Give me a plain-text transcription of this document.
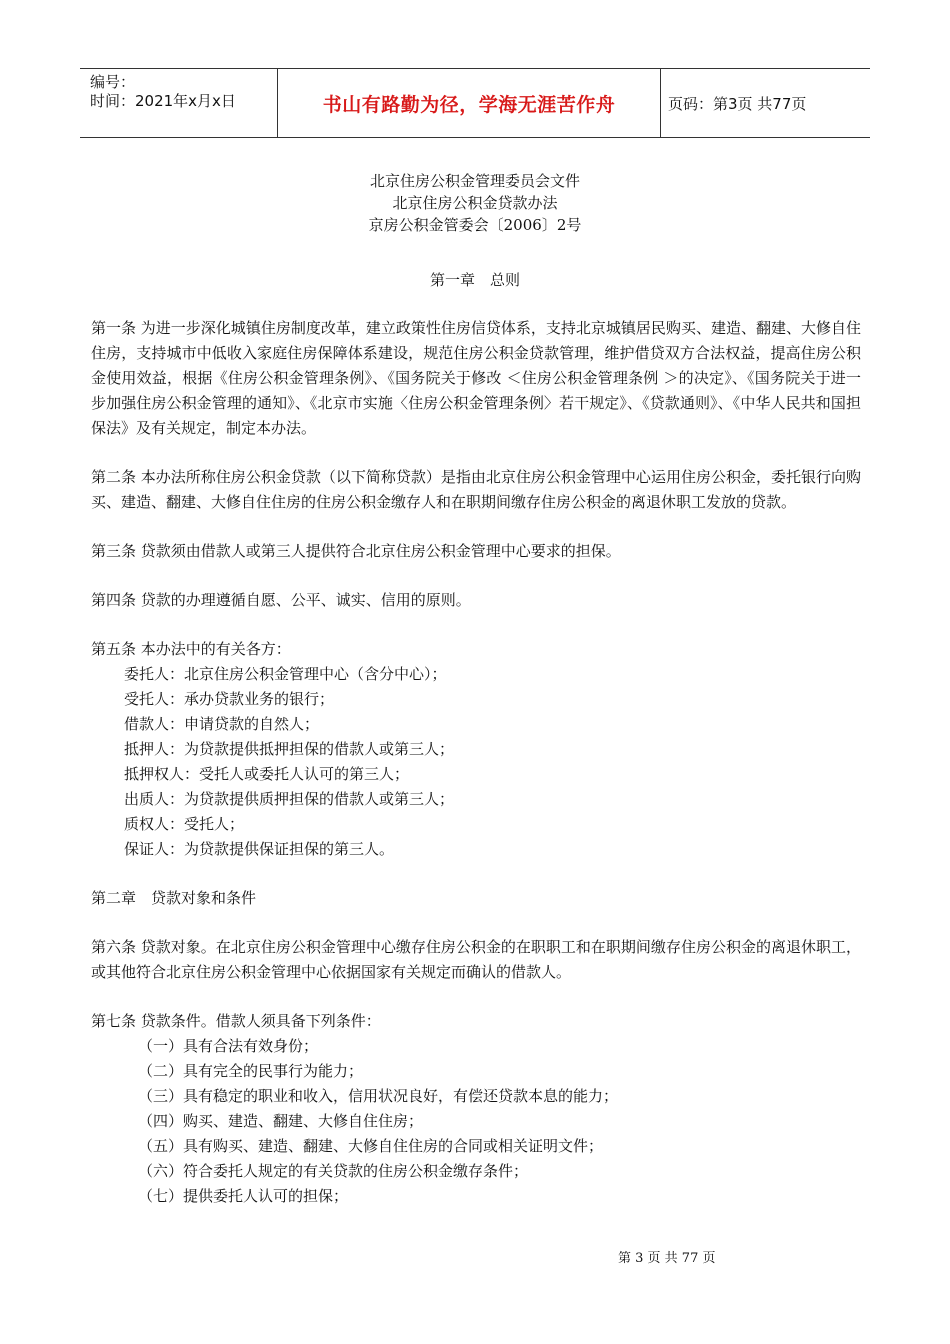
编号：
时间：2021年x月x日	书山有路勤为径，学海无涯苦作舟	页码：第3页 共77页
北京住房公积金管理委员会文件
北京住房公积金贷款办法
京房公积金管委会〔2006〕2号
第一章　总则

第一条 为进一步深化城镇住房制度改革，建立政策性住房信贷体系，支持北京城镇居民购买、建造、翻建、大修自住住房，支持城市中低收入家庭住房保障体系建设，规范住房公积金贷款管理，维护借贷双方合法权益，提高住房公积金使用效益，根据《住房公积金管理条例》、《国务院关于修改 ＜住房公积金管理条例 ＞的决定》、《国务院关于进一步加强住房公积金管理的通知》、《北京市实施〈住房公积金管理条例〉若干规定》、《贷款通则》、《中华人民共和国担保法》及有关规定，制定本办法。

第二条 本办法所称住房公积金贷款（以下简称贷款）是指由北京住房公积金管理中心运用住房公积金，委托银行向购买、建造、翻建、大修自住住房的住房公积金缴存人和在职期间缴存住房公积金的离退休职工发放的贷款。

第三条 贷款须由借款人或第三人提供符合北京住房公积金管理中心要求的担保。

第四条 贷款的办理遵循自愿、公平、诚实、信用的原则。

第五条 本办法中的有关各方：
委托人：北京住房公积金管理中心（含分中心）；
受托人：承办贷款业务的银行；
借款人：申请贷款的自然人；
抵押人：为贷款提供抵押担保的借款人或第三人；
抵押权人：受托人或委托人认可的第三人；
出质人：为贷款提供质押担保的借款人或第三人；
质权人：受托人；
保证人：为贷款提供保证担保的第三人。

第二章　贷款对象和条件

第六条 贷款对象。在北京住房公积金管理中心缴存住房公积金的在职职工和在职期间缴存住房公积金的离退休职工，或其他符合北京住房公积金管理中心依据国家有关规定而确认的借款人。

第七条 贷款条件。借款人须具备下列条件：
（一）具有合法有效身份；
（二）具有完全的民事行为能力；
（三）具有稳定的职业和收入，信用状况良好，有偿还贷款本息的能力；
（四）购买、建造、翻建、大修自住住房；
（五）具有购买、建造、翻建、大修自住住房的合同或相关证明文件；
（六）符合委托人规定的有关贷款的住房公积金缴存条件；
（七）提供委托人认可的担保；
第 3 页 共 77 页
